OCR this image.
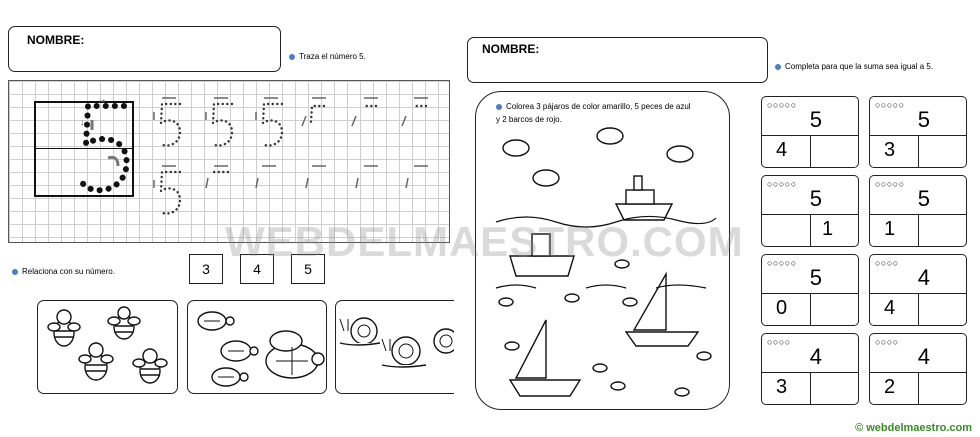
NOMBRE:
Traza el número 5.
➞
↓
Relaciona con su número.	3	4	5
NOMBRE:
Colorea 3 pájaros de color amarillo, 5 peces de azul
y 2 barcos de rojo.
Completa para que la suma sea igual a 5.
○○○○○
5
4
○○○○○
5
1
○○○○○
5
0
○○○○
4
3
○○○○○
5
3
○○○○○
5
1
○○○○
4
4
○○○○
4
2
WEBDELMAESTRO.COM
© webdelmaestro.com
